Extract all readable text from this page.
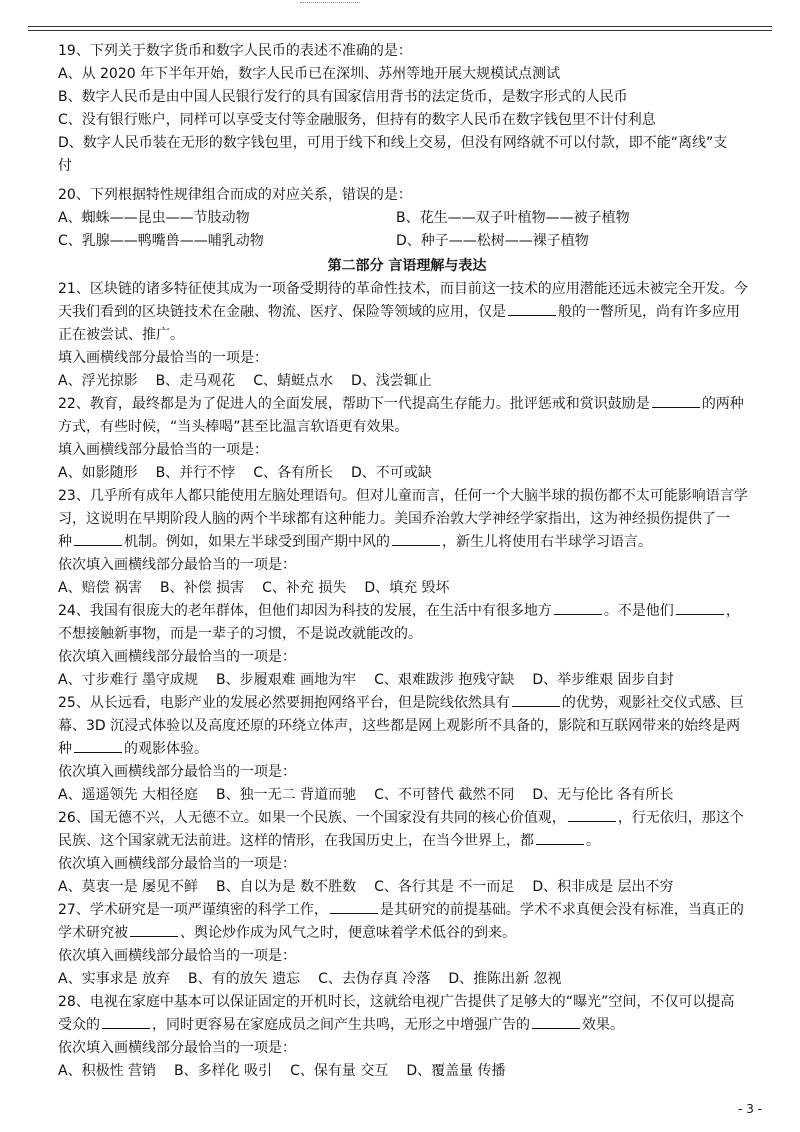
19、下列关于数字货币和数字人民币的表述不准确的是：
A、从 2020 年下半年开始，数字人民币已在深圳、苏州等地开展大规模试点测试
B、数字人民币是由中国人民银行发行的具有国家信用背书的法定货币，是数字形式的人民币
C、没有银行账户，同样可以享受支付等金融服务，但持有的数字人民币在数字钱包里不计付利息
D、数字人民币装在无形的数字钱包里，可用于线下和线上交易，但没有网络就不可以付款，即不能“离线”支
付
20、下列根据特性规律组合而成的对应关系，错误的是：
A、蜘蛛——昆虫——节肢动物	B、花生——双子叶植物——被子植物
C、乳腺——鸭嘴兽——哺乳动物	D、种子——松树——裸子植物
第二部分 言语理解与表达
21、区块链的诸多特征使其成为一项备受期待的革命性技术，而目前这一技术的应用潜能还远未被完全开发。今
天我们看到的区块链技术在金融、物流、医疗、保险等领域的应用，仅是	般的一瞥所见，尚有许多应用
正在被尝试、推广。
填入画横线部分最恰当的一项是：
A、浮光掠影 B、走马观花 C、蜻蜓点水 D、浅尝辄止
22、教育，最终都是为了促进人的全面发展，帮助下一代提高生存能力。批评惩戒和赏识鼓励是	的两种
方式，有些时候，“当头棒喝”甚至比温言软语更有效果。
填入画横线部分最恰当的一项是：
A、如影随形 B、并行不悖 C、各有所长 D、不可或缺
23、几乎所有成年人都只能使用左脑处理语句。但对儿童而言，任何一个大脑半球的损伤都不太可能影响语言学
习，这说明在早期阶段人脑的两个半球都有这种能力。美国乔治敦大学神经学家指出，这为神经损伤提供了一
种	机制。例如，如果左半球受到围产期中风的	，新生儿将使用右半球学习语言。
依次填入画横线部分最恰当的一项是：
A、赔偿 祸害 B、补偿 损害 C、补充 损失 D、填充 毁坏
24、我国有很庞大的老年群体，但他们却因为科技的发展，在生活中有很多地方	。不是他们	，
不想接触新事物，而是一辈子的习惯，不是说改就能改的。
依次填入画横线部分最恰当的一项是：
A、寸步难行 墨守成规 B、步履艰难 画地为牢 C、艰难跋涉 抱残守缺 D、举步维艰 固步自封
25、从长远看，电影产业的发展必然要拥抱网络平台，但是院线依然具有	的优势，观影社交仪式感、巨
幕、3D 沉浸式体验以及高度还原的环绕立体声，这些都是网上观影所不具备的，影院和互联网带来的始终是两
种	的观影体验。
依次填入画横线部分最恰当的一项是：
A、遥遥领先 大相径庭 B、独一无二 背道而驰 C、不可替代 截然不同 D、无与伦比 各有所长
26、国无德不兴，人无德不立。如果一个民族、一个国家没有共同的核心价值观，	，行无依归，那这个
民族、这个国家就无法前进。这样的情形，在我国历史上，在当今世界上，都	。
依次填入画横线部分最恰当的一项是：
A、莫衷一是 屡见不鲜 B、自以为是 数不胜数 C、各行其是 不一而足 D、积非成是 层出不穷
27、学术研究是一项严谨缜密的科学工作，	是其研究的前提基础。学术不求真便会没有标准，当真正的
学术研究被	、舆论炒作成为风气之时，便意味着学术低谷的到来。
依次填入画横线部分最恰当的一项是：
A、实事求是 放弃 B、有的放矢 遗忘 C、去伪存真 冷落 D、推陈出新 忽视
28、电视在家庭中基本可以保证固定的开机时长，这就给电视广告提供了足够大的“曝光”空间，不仅可以提高
受众的	，同时更容易在家庭成员之间产生共鸣，无形之中增强广告的	效果。
依次填入画横线部分最恰当的一项是：
A、积极性 营销 B、多样化 吸引 C、保有量 交互 D、覆盖量 传播
- 3 -
